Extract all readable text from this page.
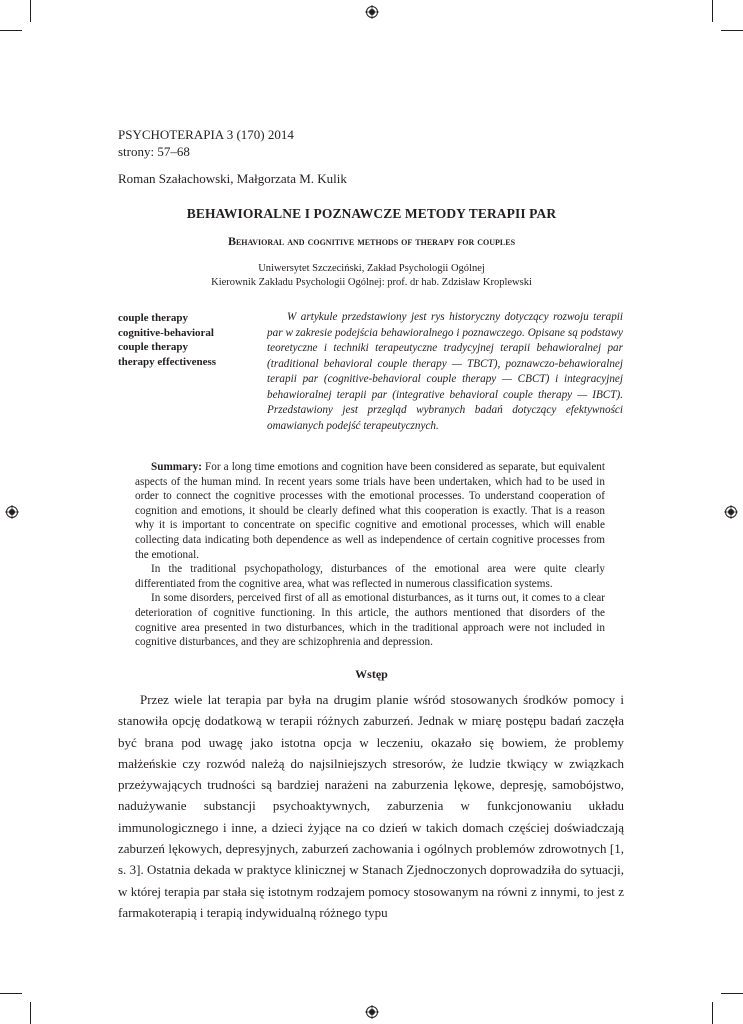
PSYCHOTERAPIA 3 (170) 2014
strony: 57–68
Roman Szałachowski, Małgorzata M. Kulik
BEHAWIORALNE I POZNAWCZE METODY TERAPII PAR
Behavioral and cognitive methods of therapy for couples
Uniwersytet Szczeciński, Zakład Psychologii Ogólnej
Kierownik Zakładu Psychologii Ogólnej: prof. dr hab. Zdzisław Kroplewski
couple therapy
cognitive-behavioral
couple therapy
therapy effectiveness
W artykule przedstawiony jest rys historyczny dotyczący rozwoju terapii par w zakresie podejścia behawioralnego i poznawczego. Opisane są podstawy teoretyczne i techniki terapeutyczne tradycyjnej terapii behawioralnej par (traditional behavioral couple therapy — TBCT), poznawczo-behawioralnej terapii par (cognitive-behavioral couple therapy — CBCT) i integracyjnej behawioralnej terapii par (integrative behavioral couple therapy — IBCT). Przedstawiony jest przegląd wybranych badań dotyczący efektywności omawianych podejść terapeutycznych.

Summary: For a long time emotions and cognition have been considered as separate, but equivalent aspects of the human mind. In recent years some trials have been undertaken, which had to be used in order to connect the cognitive processes with the emotional processes. To understand cooperation of cognition and emotions, it should be clearly defined what this cooperation is exactly. That is a reason why it is important to concentrate on specific cognitive and emotional processes, which will enable collecting data indicating both dependence as well as independence of certain cognitive processes from the emotional.

In the traditional psychopathology, disturbances of the emotional area were quite clearly differentiated from the cognitive area, what was reflected in numerous classification systems.

In some disorders, perceived first of all as emotional disturbances, as it turns out, it comes to a clear deterioration of cognitive functioning. In this article, the authors mentioned that disorders of the cognitive area presented in two disturbances, which in the traditional approach were not included in cognitive disturbances, and they are schizophrenia and depression.

Wstęp

Przez wiele lat terapia par była na drugim planie wśród stosowanych środków pomocy i stanowiła opcję dodatkową w terapii różnych zaburzeń. Jednak w miarę postępu badań zaczęła być brana pod uwagę jako istotna opcja w leczeniu, okazało się bowiem, że problemy małżeńskie czy rozwód należą do najsilniejszych stresorów, że ludzie tkwiący w związkach przeżywających trudności są bardziej narażeni na zaburzenia lękowe, depresję, samobójstwo, nadużywanie substancji psychoaktywnych, zaburzenia w funkcjonowaniu układu immunologicznego i inne, a dzieci żyjące na co dzień w takich domach częściej doświadczają zaburzeń lękowych, depresyjnych, zaburzeń zachowania i ogólnych problemów zdrowotnych [1, s. 3]. Ostatnia dekada w praktyce klinicznej w Stanach Zjednoczonych doprowadziła do sytuacji, w której terapia par stała się istotnym rodzajem pomocy stosowanym na równi z innymi, to jest z farmakoterapią i terapią indywidualną różnego typu
